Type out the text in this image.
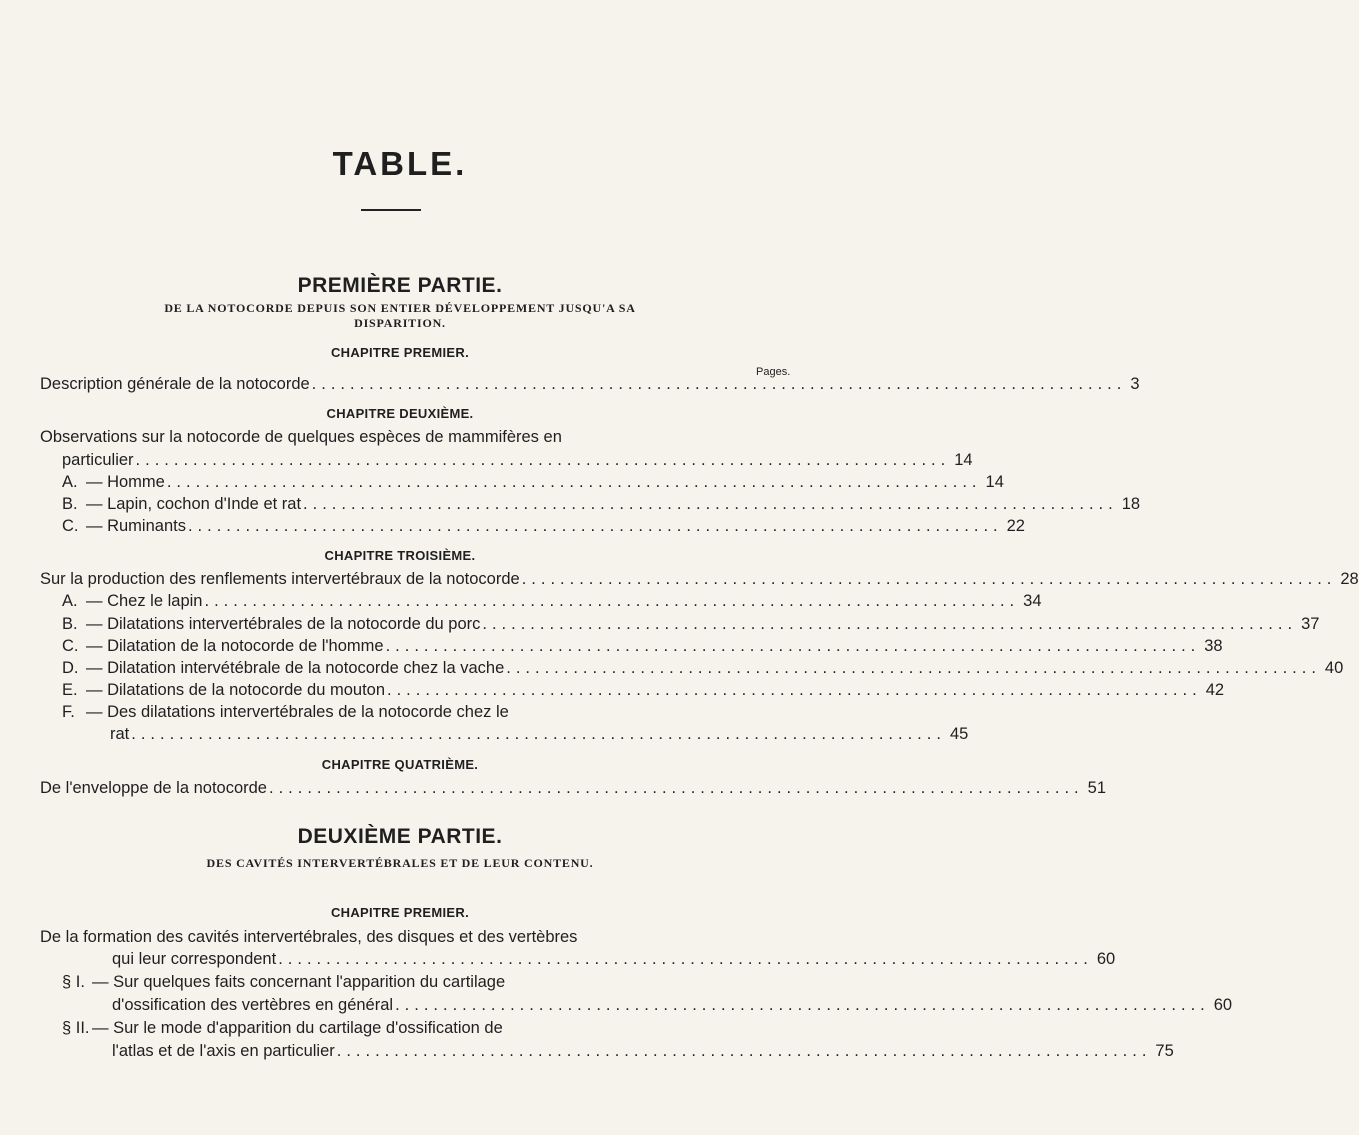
TABLE.
PREMIÈRE PARTIE.
DE LA NOTOCORDE DEPUIS SON ENTIER DÉVELOPPEMENT JUSQU'A SA
DISPARITION.
CHAPITRE PREMIER.
Pages.
Description générale de la notocorde ..................................................................................... 3
CHAPITRE DEUXIÈME.
Observations sur la notocorde de quelques espèces de mammifères en
particulier ..................................................................................... 14
A. — Homme ..................................................................................... 14
B. — Lapin, cochon d'Inde et rat ..................................................................................... 18
C. — Ruminants ..................................................................................... 22
CHAPITRE TROISIÈME.
Sur la production des renflements intervertébraux de la notocorde ..................................................................................... 28
A. — Chez le lapin ..................................................................................... 34
B. — Dilatations intervertébrales de la notocorde du porc ..................................................................................... 37
C. — Dilatation de la notocorde de l'homme ..................................................................................... 38
D. — Dilatation intervétébrale de la notocorde chez la vache ..................................................................................... 40
E. — Dilatations de la notocorde du mouton ..................................................................................... 42
F. — Des dilatations intervertébrales de la notocorde chez le
rat ..................................................................................... 45
CHAPITRE QUATRIÈME.
De l'enveloppe de la notocorde ..................................................................................... 51
DEUXIÈME PARTIE.
DES CAVITÉS INTERVERTÉBRALES ET DE LEUR CONTENU.
CHAPITRE PREMIER.
De la formation des cavités intervertébrales, des disques et des vertèbres
qui leur correspondent ..................................................................................... 60
§ I. — Sur quelques faits concernant l'apparition du cartilage
d'ossification des vertèbres en général ..................................................................................... 60
§ II. — Sur le mode d'apparition du cartilage d'ossification de
l'atlas et de l'axis en particulier ..................................................................................... 75
